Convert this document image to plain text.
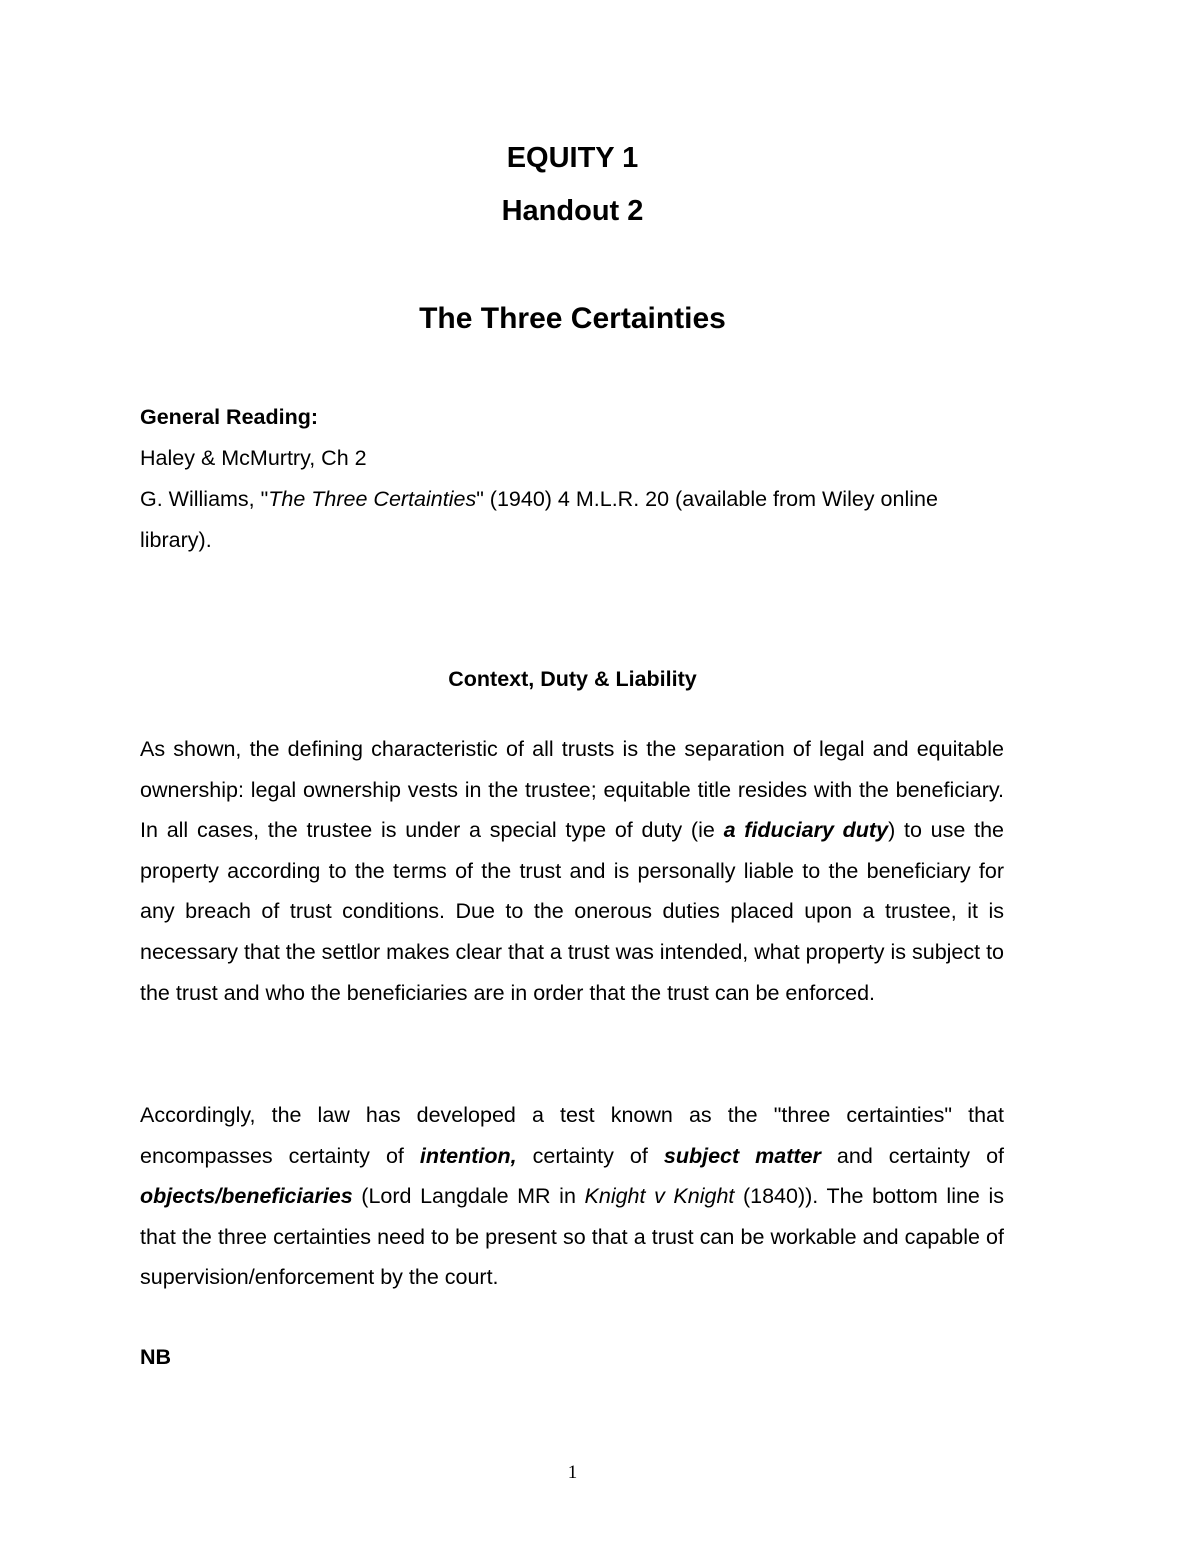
EQUITY 1
Handout 2
The Three Certainties
General Reading:
Haley & McMurtry, Ch 2
G. Williams, "The Three Certainties" (1940) 4 M.L.R. 20 (available from Wiley online library).
Context, Duty & Liability
As shown, the defining characteristic of all trusts is the separation of legal and equitable ownership: legal ownership vests in the trustee; equitable title resides with the beneficiary. In all cases, the trustee is under a special type of duty (ie a fiduciary duty) to use the property according to the terms of the trust and is personally liable to the beneficiary for any breach of trust conditions. Due to the onerous duties placed upon a trustee, it is necessary that the settlor makes clear that a trust was intended, what property is subject to the trust and who the beneficiaries are in order that the trust can be enforced.
Accordingly, the law has developed a test known as the "three certainties" that encompasses certainty of intention, certainty of subject matter and certainty of objects/beneficiaries (Lord Langdale MR in Knight v Knight (1840)). The bottom line is that the three certainties need to be present so that a trust can be workable and capable of supervision/enforcement by the court.
NB
1
